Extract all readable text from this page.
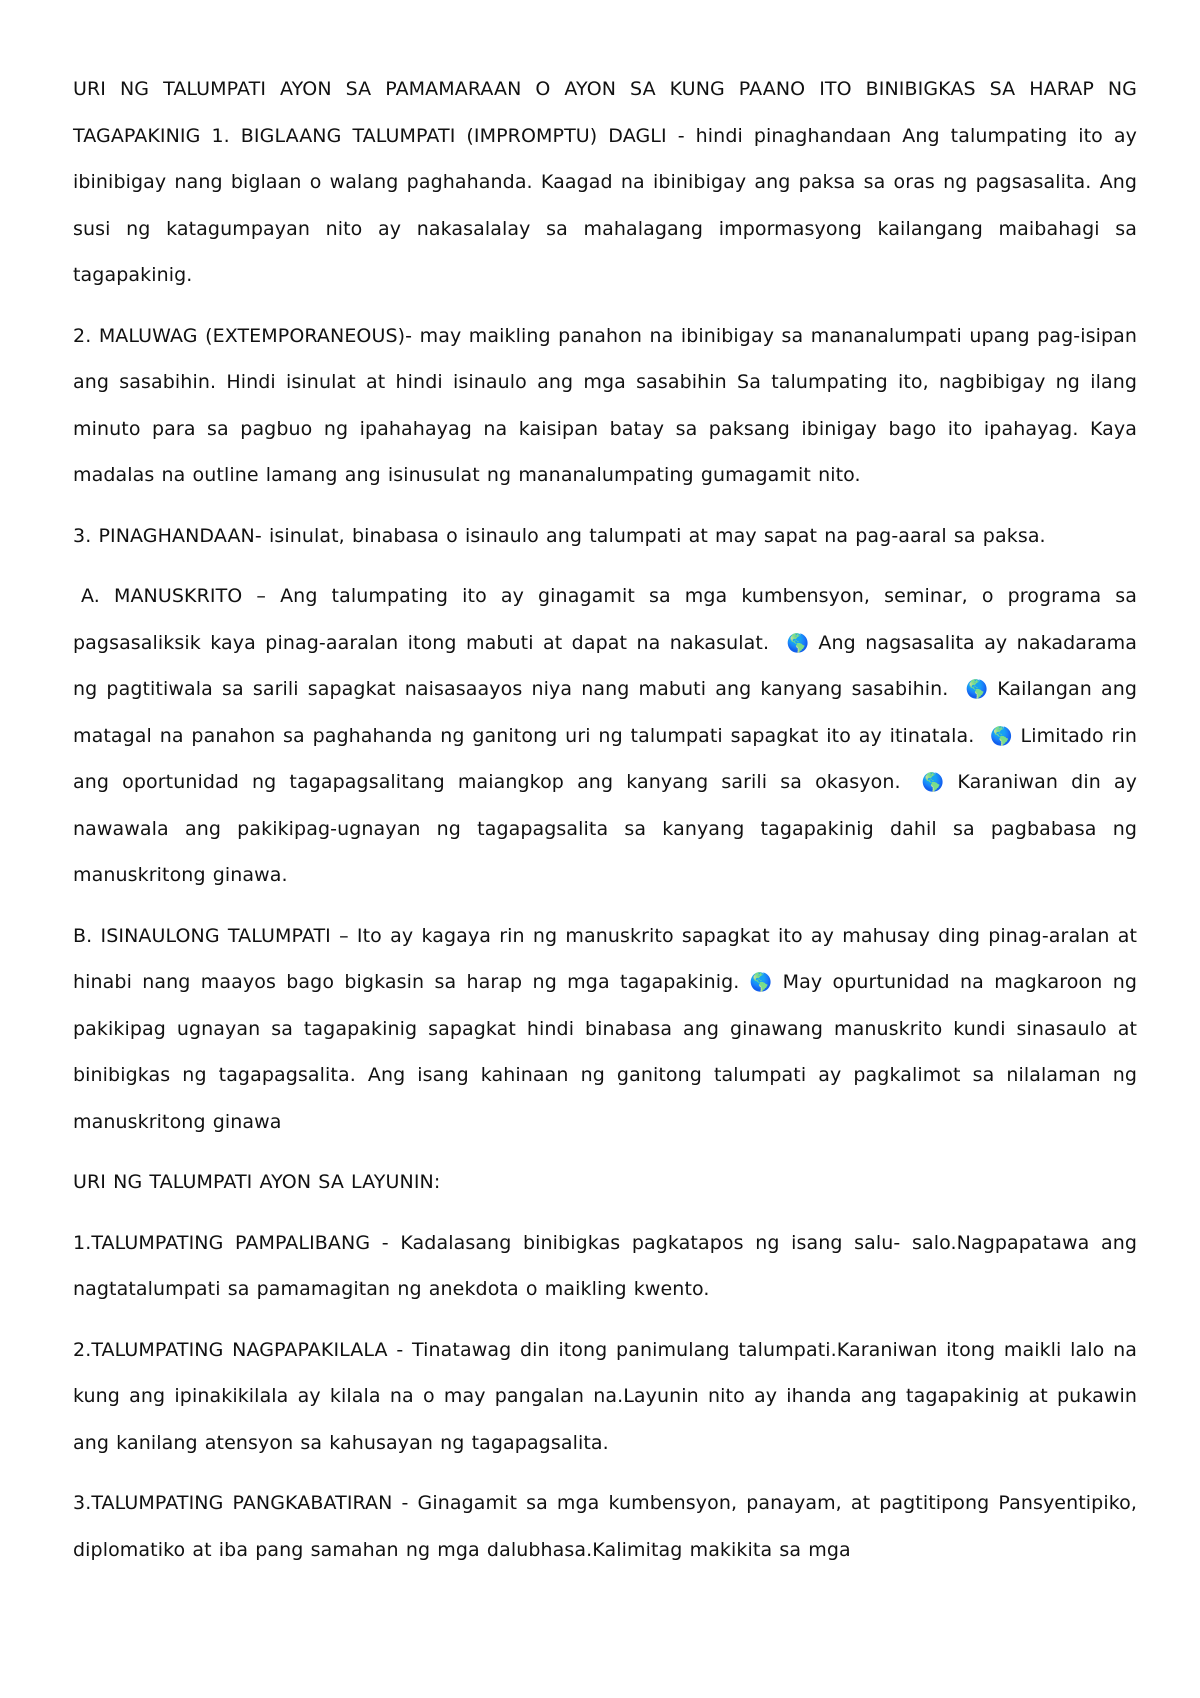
URI NG TALUMPATI AYON SA PAMAMARAAN O AYON SA KUNG PAANO ITO BINIBIGKAS SA HARAP NG TAGAPAKINIG 1. BIGLAANG TALUMPATI (IMPROMPTU) DAGLI - hindi pinaghandaan Ang talumpating ito ay ibinibigay nang biglaan o walang paghahanda. Kaagad na ibinibigay ang paksa sa oras ng pagsasalita. Ang susi ng katagumpayan nito ay nakasalalay sa mahalagang impormasyong kailangang maibahagi sa tagapakinig.

2. MALUWAG (EXTEMPORANEOUS)- may maikling panahon na ibinibigay sa mananalumpati upang pag-isipan ang sasabihin. Hindi isinulat at hindi isinaulo ang mga sasabihin Sa talumpating ito, nagbibigay ng ilang minuto para sa pagbuo ng ipahahayag na kaisipan batay sa paksang ibinigay bago ito ipahayag. Kaya madalas na outline lamang ang isinusulat ng mananalumpating gumagamit nito.

3. PINAGHANDAAN- isinulat, binabasa o isinaulo ang talumpati at may sapat na pag-aaral sa paksa.

A. MANUSKRITO – Ang talumpating ito ay ginagamit sa mga kumbensyon, seminar, o programa sa pagsasaliksik kaya pinag-aaralan itong mabuti at dapat na nakasulat. 🌎 Ang nagsasalita ay nakadarama ng pagtitiwala sa sarili sapagkat naisasaayos niya nang mabuti ang kanyang sasabihin. 🌎 Kailangan ang matagal na panahon sa paghahanda ng ganitong uri ng talumpati sapagkat ito ay itinatala. 🌎 Limitado rin ang oportunidad ng tagapagsalitang maiangkop ang kanyang sarili sa okasyon. 🌎 Karaniwan din ay nawawala ang pakikipag-ugnayan ng tagapagsalita sa kanyang tagapakinig dahil sa pagbabasa ng manuskritong ginawa.

B. ISINAULONG TALUMPATI – Ito ay kagaya rin ng manuskrito sapagkat ito ay mahusay ding pinag-aralan at hinabi nang maayos bago bigkasin sa harap ng mga tagapakinig. 🌎 May opurtunidad na magkaroon ng pakikipag ugnayan sa tagapakinig sapagkat hindi binabasa ang ginawang manuskrito kundi sinasaulo at binibigkas ng tagapagsalita. Ang isang kahinaan ng ganitong talumpati ay pagkalimot sa nilalaman ng manuskritong ginawa

URI NG TALUMPATI AYON SA LAYUNIN:

1.TALUMPATING PAMPALIBANG - Kadalasang binibigkas pagkatapos ng isang salu- salo.Nagpapatawa ang nagtatalumpati sa pamamagitan ng anekdota o maikling kwento.

2.TALUMPATING NAGPAPAKILALA - Tinatawag din itong panimulang talumpati.Karaniwan itong maikli lalo na kung ang ipinakikilala ay kilala na o may pangalan na.Layunin nito ay ihanda ang tagapakinig at pukawin ang kanilang atensyon sa kahusayan ng tagapagsalita.

3.TALUMPATING PANGKABATIRAN - Ginagamit sa mga kumbensyon, panayam, at pagtitipong Pansyentipiko, diplomatiko at iba pang samahan ng mga dalubhasa.Kalimitag makikita sa mga
